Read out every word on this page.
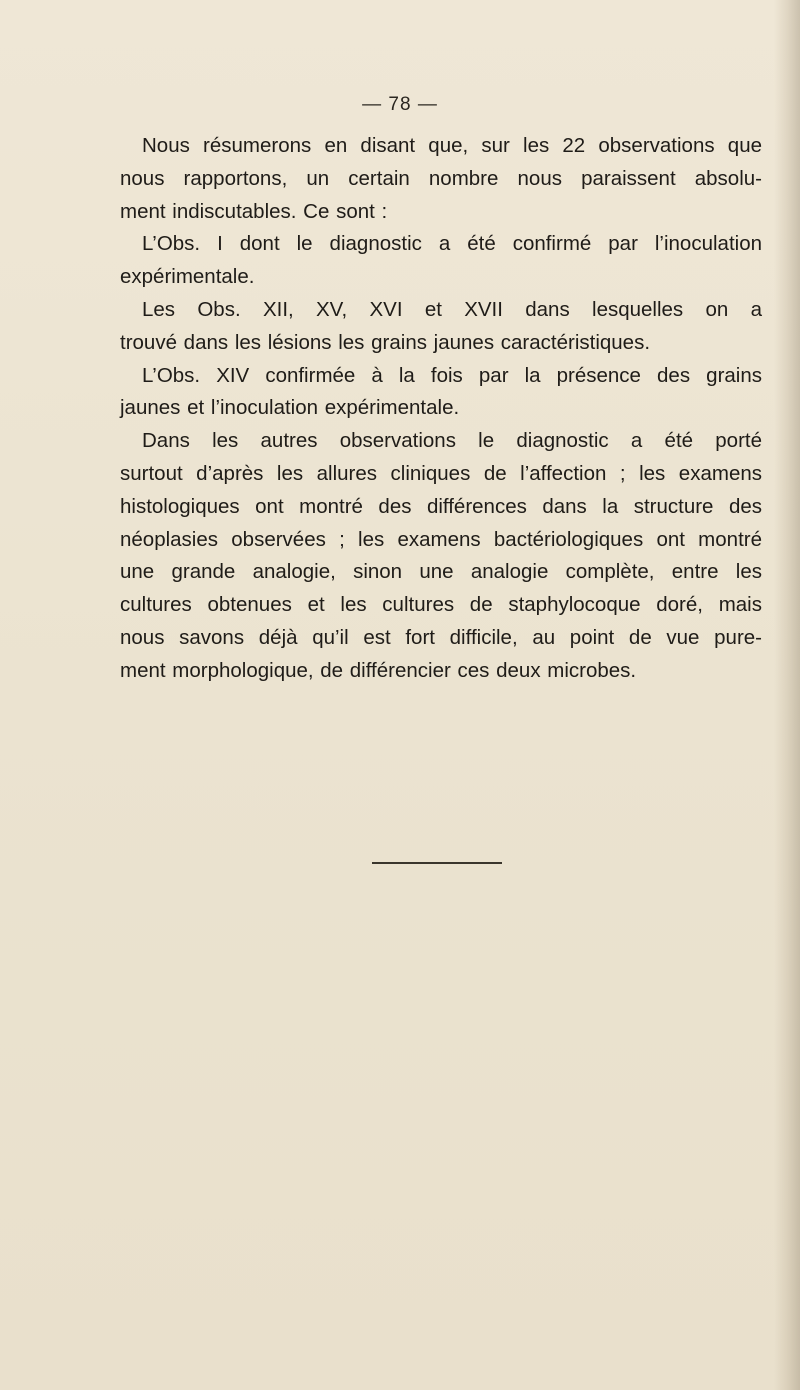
— 78 —

Nous résumerons en disant que, sur les 22 observations que
nous rapportons, un certain nombre nous paraissent absolu-
ment indiscutables. Ce sont :

L’Obs. I dont le diagnostic a été confirmé par l’inoculation
expérimentale.

Les Obs. XII, XV, XVI et XVII dans lesquelles on a
trouvé dans les lésions les grains jaunes caractéristiques.

L’Obs. XIV confirmée à la fois par la présence des grains
jaunes et l’inoculation expérimentale.

Dans les autres observations le diagnostic a été porté
surtout d’après les allures cliniques de l’affection ; les examens
histologiques ont montré des différences dans la structure des
néoplasies observées ; les examens bactériologiques ont montré
une grande analogie, sinon une analogie complète, entre les
cultures obtenues et les cultures de staphylocoque doré, mais
nous savons déjà qu’il est fort difficile, au point de vue pure-
ment morphologique, de différencier ces deux microbes.
